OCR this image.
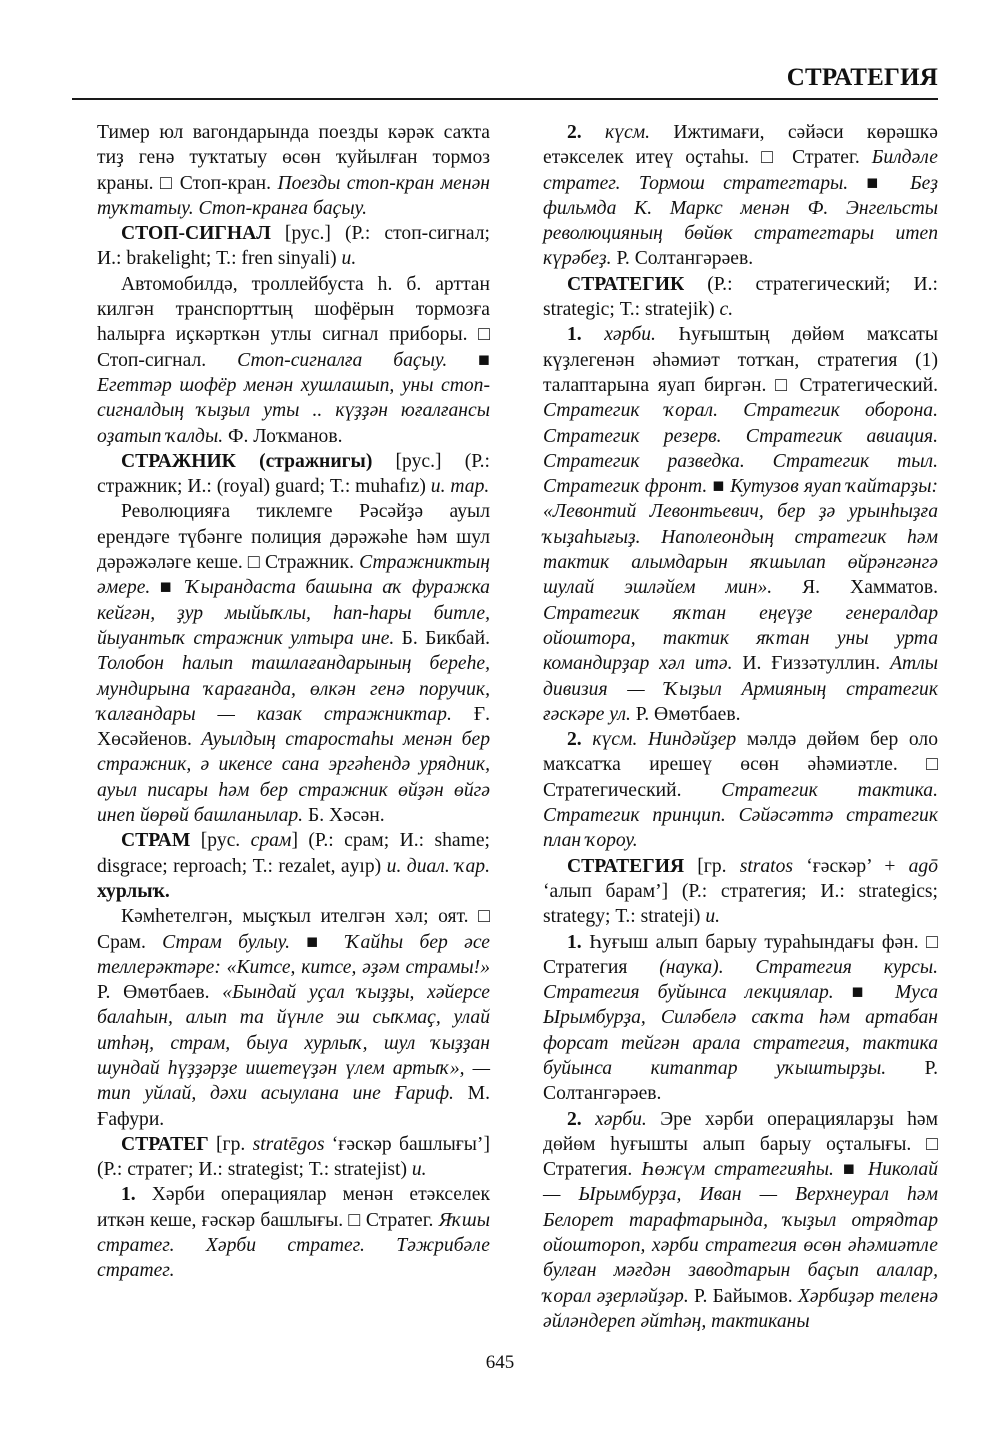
СТРАТЕГИЯ

Тимер юл вагондарында поезды кәрәк саҡта тиҙ генә туҡтатыу өсөн ҡуйылған тормоз краны. □ Стоп-кран. Поезды стоп-кран менән туҡтатыу. Стоп-кранға баҫыу.

СТОП-СИГНАЛ [рус.] (Р.: стоп-сигнал; И.: brakelight; Т.: fren sinyali) и.

Автомобилдә, троллейбуста һ. б. арттан килгән транспорттың шофёрын тормозға һалырға иҫкәрткән утлы сигнал приборы. □ Стоп-сигнал. Стоп-сигналға баҫыу. ■ Егеттәр шофёр менән хушлашып, уны стоп-сигналдың ҡыҙыл уты .. күҙҙән юғалғансы оҙатып ҡалды. Ф. Лоҡманов.

СТРАЖНИК (стражнигы) [рус.] (Р.: стражник; И.: (royal) guard; Т.: muhafız) и. тар.

Революцияға тиклемге Рәсәйҙә ауыл ерендәге түбәнге полиция дәрәжәһе һәм шул дәрәжәләге кеше. □ Стражник. Стражниктың әмере. ■ Ҡырандаста башына аҡ фуражка кейгән, ҙур мыйыҡлы, һап-һары битле, йыуантыҡ стражник ултыра ине. Б. Бикбай. Толобон һалып ташлағандарының береһе, мундирына ҡарағанда, өлкән генә поручик, ҡалғандары — казак стражниктар. Ғ. Хөсәйенов. Ауылдың старостаһы менән бер стражник, ә икенсе сана эргәһендә урядник, ауыл писары һәм бер стражник өйҙән өйгә инеп йөрөй башланылар. Б. Хәсән.

СТРАМ [рус. срам] (Р.: срам; И.: shame; disgrace; reproach; Т.: rezalet, ayıp) и. диал. ҡар. хурлыҡ.

Кәмһетелгән, мыҫҡыл ителгән хәл; оят. □ Срам. Страм булыу. ■ Ҡайһы бер әсе теллерәктәре: «Китсе, китсе, әҙәм страмы!» Р. Өмөтбаев. «Бындай уҫал ҡыҙҙы, хәйерсе балаһын, алып та йүнле эш сыҡмаҫ, улай итһәң, страм, быуа хурлыҡ, шул ҡыҙҙан шундай һүҙҙәрҙе ишетеүҙән үлем артыҡ», — тип уйлай, дәхи асыулана ине Ғариф. М. Ғафури.

СТРАТЕГ [гр. stratēgos ‘ғәскәр башлығы’] (Р.: стратег; И.: strategist; Т.: stratejist) и.

1. Хәрби операциялар менән етәкселек иткән кеше, ғәскәр башлығы. □ Стратег. Яҡшы стратег. Хәрби стратег. Тәжрибәле стратег.

2. күсм. Ижтимағи, сәйәси көрәшкә етәкселек итеү оҫтаһы. □ Стратег. Билдәле стратег. Тормош стратегтары. ■ Беҙ фильмда К. Маркс менән Ф. Энгельсты революцияның бөйөк стратегтары итеп күрәбеҙ. Р. Солтангәрәев.

СТРАТЕГИК (Р.: стратегический; И.: strategic; Т.: stratejik) с.

1. хәрби. Һуғыштың дөйөм маҡсаты күҙлегенән әһәмиәт тотҡан, стратегия (1) талаптарына яуап биргән. □ Стратегический. Стратегик ҡорал. Стратегик оборона. Стратегик резерв. Стратегик авиация. Стратегик разведка. Стратегик тыл. Стратегик фронт. ■ Кутузов яуап ҡайтарҙы: «Левонтий Левонтьевич, бер ҙә урынһыҙға ҡыҙаһығыҙ. Наполеондың стратегик һәм тактик алымдарын яҡшылап өйрәнгәнгә шулай эшләйем мин». Я. Хамматов. Стратегик яҡтан еңеүҙе генералдар ойоштора, тактик яҡтан уны урта командирҙар хәл итә. И. Ғиззәтуллин. Атлы дивизия — Ҡыҙыл Армияның стратегик ғәскәре ул. Р. Өмөтбаев.

2. күсм. Ниндәйҙер мәлдә дөйөм бер оло маҡсатҡа ирешеү өсөн әһәмиәтле. □ Стратегический. Стратегик тактика. Стратегик принцип. Сәйәсәттә стратегик план ҡороу.

СТРАТЕГИЯ [гр. stratos ‘ғәскәр’ + agō ‘алып барам’] (Р.: стратегия; И.: strategics; strategy; Т.: strateji) и.

1. Һуғыш алып барыу тураһындағы фән. □ Стратегия (наука). Стратегия курсы. Стратегия буйынса лекциялар. ■ Муса Ырымбурҙа, Силәбелә саҡта һәм артабан форсат тейгән арала стратегия, тактика буйынса китаптар уҡыштырҙы. Р. Солтангәрәев.

2. хәрби. Эре хәрби операцияларҙы һәм дөйөм һуғышты алып барыу оҫталығы. □ Стратегия. Һөжүм стратегияһы. ■ Николай — Ырымбурҙа, Иван — Верхнеурал һәм Белорет тарафтарында, ҡыҙыл отрядтар ойоштороп, хәрби стратегия өсөн әһәмиәтле булған мәғдән заводтарын баҫып алалар, ҡорал әҙерләйҙәр. Р. Байымов. Хәрбиҙәр теленә әйләндереп әйтһәң, тактиканы

645
